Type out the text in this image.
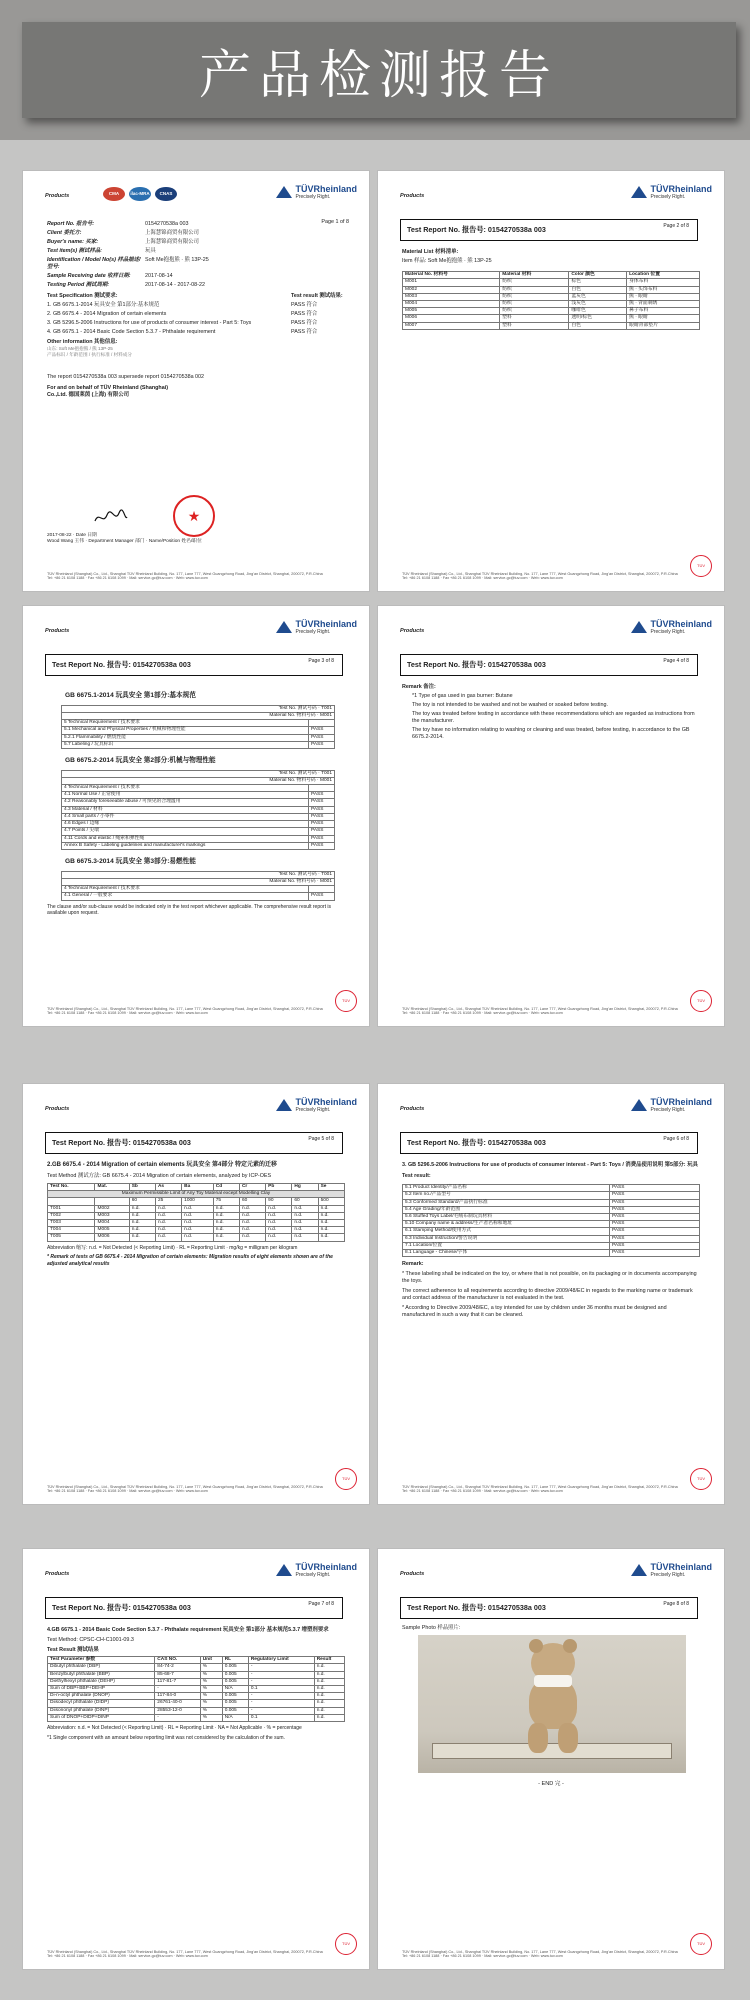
产品检测报告
Products	CMA	ilac-MRA	CNAS	TÜVRheinland
Precisely Right.
Page 1 of 8
Report No. 报告号:	0154270538a 003
Client 委托方:	上海慧锦商贸有限公司
Buyer's name: 买家:	上海慧锦商贸有限公司
Test item(s) 测试样品:	玩具
Identification / Model No(s) 样品描述/型号:
Soft Me抱抱熊 · 熊 13P-25
Sample Receiving date 收样日期:	2017-08-14
Testing Period 测试周期:	2017-08-14 - 2017-08-22
Test Specification 测试要求:	Test result 测试结果:
1. GB 6675.1-2014 玩具安全 第1部分:基本规范	PASS 符合
2. GB 6675.4 - 2014 Migration of certain elements	PASS 符合
3. GB 5296.5-2006 Instructions for use of products of consumer interest - Part 5: Toys	PASS 符合
4. GB 6675.1 - 2014 Basic Code Section 5.3.7 - Phthalate requirement	PASS 符合
Other information 其他信息:
山东: Soft Me抱抱熊 / 熊 13P-25
产品标识 / 年龄范围 / 执行标准 / 材料成分
The report 0154270538a 003 supersede report 0154270538a 002
For and on behalf of TÜV Rheinland (Shanghai) Co.,Ltd. 德国莱茵 (上海) 有限公司
★
2017-08-22 · Date 日期
Wood Wang 王伟 · Department Manager 部门 · Name/Position 姓名/职位
TÜV Rheinland (Shanghai) Co., Ltd., Shanghai TÜV Rheinland Building, No. 177, Lane 777, West Guangzhong Road, Jing'an District, Shanghai, 200072, P.R.China
Tel: +86 21 6108 1188 · Fax +86 21 6108 1099 · Mail: service-gc@tuv.com · Web: www.tuv.com
Products
TÜVRheinland
Precisely Right.
Test Report No. 报告号: 0154270538a 003	Page 2 of 8
Material List 材料清单:
Item 样品: Soft Me抱抱熊 · 熊 13P-25
Material No. 材料号	Material 材料	Color 颜色	Location 位置
M001	纺织	棕色	身体布料
M002	纺织	白色	熊 · 头饰布料
M003	纺织	蓝灰色	熊 · 眼睛
M004	纺织	浅灰色	熊 · 背面刺绣
M005	纺织	咖啡色	鼻子布料
M006	塑料	透明/棕色	熊 · 眼睛
M007	塑料	白色	眼睛背部垫片
TÜV
TÜV Rheinland (Shanghai) Co., Ltd., Shanghai TÜV Rheinland Building, No. 177, Lane 777, West Guangzhong Road, Jing'an District, Shanghai, 200072, P.R.China
Tel: +86 21 6108 1188 · Fax +86 21 6108 1099 · Mail: service-gc@tuv.com · Web: www.tuv.com
Products
TÜVRheinland
Precisely Right.
Test Report No. 报告号: 0154270538a 003	Page 3 of 8
GB 6675.1-2014 玩具安全 第1部分:基本规范
Test No. 测试号码 · T001	
Material No. 物料号码 · M001	
5 Technical Requirement / 技术要求	
5.1 Mechanical and Physical Properties / 机械和物理性能	PASS
5.2.1 Flammability / 燃烧性能	PASS
5.7 Labeling / 玩具标识	PASS
GB 6675.2-2014 玩具安全 第2部分:机械与物理性能
Test No. 测试号码 · T001	
Material No. 物料号码 · M001	
4 Technical Requirement / 技术要求	
4.1 Normal Use / 正常使用	PASS
4.2 Reasonably foreseeable abuse / 可预见的合理滥用	PASS
4.3 Material / 材料	PASS
4.4 Small parts / 小零件	PASS
4.6 Edges / 边缘	PASS
4.7 Points / 尖端	PASS
4.11 Cords and elastic / 绳索和弹性绳	PASS
Annex B Safety - Labeling guidelines and manufacturer's markings	PASS
GB 6675.3-2014 玩具安全 第3部分:易燃性能
Test No. 测试号码 · T001	
Material No. 物料号码 · M001	
4 Technical Requirement / 技术要求	
4.1 General / 一般要求	PASS
The clause and/or sub-clause would be indicated only in the test report whichever applicable. The comprehensive result report is available upon request.
TÜV
TÜV Rheinland (Shanghai) Co., Ltd., Shanghai TÜV Rheinland Building, No. 177, Lane 777, West Guangzhong Road, Jing'an District, Shanghai, 200072, P.R.China
Tel: +86 21 6108 1188 · Fax +86 21 6108 1099 · Mail: service-gc@tuv.com · Web: www.tuv.com
Products
TÜVRheinland
Precisely Right.
Test Report No. 报告号: 0154270538a 003	Page 4 of 8
Remark 备注:
*1 Type of gas used in gas burner: Butane
The toy is not intended to be washed and not be washed or soaked before testing.
The toy was treated before testing in accordance with these recommendations which are regarded as instructions from the manufacturer.
The toy have no information relating to washing or cleaning and was treated, before testing, in accordance to the GB 6675.2-2014.
TÜV
TÜV Rheinland (Shanghai) Co., Ltd., Shanghai TÜV Rheinland Building, No. 177, Lane 777, West Guangzhong Road, Jing'an District, Shanghai, 200072, P.R.China
Tel: +86 21 6108 1188 · Fax +86 21 6108 1099 · Mail: service-gc@tuv.com · Web: www.tuv.com
Products
TÜVRheinland
Precisely Right.
Test Report No. 报告号: 0154270538a 003	Page 5 of 8
2.GB 6675.4 - 2014 Migration of certain elements 玩具安全 第4部分 特定元素的迁移
Test Method 测试方法: GB 6675.4 - 2014 Migration of certain elements, analyzed by ICP-OES
Test No.	Mat.	Sb	As	Ba	Cd	Cr	Pb	Hg	Se
Maximum Permissible Limit of Any Toy Material except Modelling Clay									
		60	25	1000	75	60	90	60	500
T001	M002	n.d.	n.d.	n.d.	n.d.	n.d.	n.d.	n.d.	n.d.
T002	M003	n.d.	n.d.	n.d.	n.d.	n.d.	n.d.	n.d.	n.d.
T003	M004	n.d.	n.d.	n.d.	n.d.	n.d.	n.d.	n.d.	n.d.
T004	M005	n.d.	n.d.	n.d.	n.d.	n.d.	n.d.	n.d.	n.d.
T005	M006	n.d.	n.d.	n.d.	n.d.	n.d.	n.d.	n.d.	n.d.
Abbreviation 缩写: n.d. = Not Detected (< Reporting Limit) · RL = Reporting Limit · mg/kg = milligram per kilogram
* Remark of tests of GB 6675.4 - 2014 Migration of certain elements: Migration results of eight elements shown are of the adjusted analytical results
TÜV
TÜV Rheinland (Shanghai) Co., Ltd., Shanghai TÜV Rheinland Building, No. 177, Lane 777, West Guangzhong Road, Jing'an District, Shanghai, 200072, P.R.China
Tel: +86 21 6108 1188 · Fax +86 21 6108 1099 · Mail: service-gc@tuv.com · Web: www.tuv.com
Products
TÜVRheinland
Precisely Right.
Test Report No. 报告号: 0154270538a 003	Page 6 of 8
3. GB 5296.5-2006 Instructions for use of products of consumer interest - Part 5: Toys / 消费品使用说明 第5部分: 玩具
Test result:
5.1 Product Identity/产品名称	PASS
5.2 Item no./产品型号	PASS
5.3 Conformed Standard/产品执行标准	PASS
5.4 Age Grading/年龄范围	PASS
5.6 Stuffed Toys Label/毛绒布制玩具材料	PASS
5.10 Company name & address/生产者名称和地址	PASS
6.1 Stamping Method/使用方式	PASS
6.3 Individual Instruction/警告说明	PASS
7.1 Location/位置	PASS
8.1 Language - Chinese/字体	PASS
Remark:
* These labeling shall be indicated on the toy, or where that is not possible, on its packaging or in documents accompanying the toys.
The correct adherence to all requirements according to directive 2009/48/EC in regards to the marking name or trademark and contact address of the manufacturer is not evaluated in the test.
* According to Directive 2009/48/EC, a toy intended for use by children under 36 months must be designed and manufactured in such a way that it can be cleaned.
TÜV
TÜV Rheinland (Shanghai) Co., Ltd., Shanghai TÜV Rheinland Building, No. 177, Lane 777, West Guangzhong Road, Jing'an District, Shanghai, 200072, P.R.China
Tel: +86 21 6108 1188 · Fax +86 21 6108 1099 · Mail: service-gc@tuv.com · Web: www.tuv.com
Products
TÜVRheinland
Precisely Right.
Test Report No. 报告号: 0154270538a 003	Page 7 of 8
4.GB 6675.1 - 2014 Basic Code Section 5.3.7 - Phthalate requirement 玩具安全 第1部分 基本规范5.3.7 增塑剂要求
Test Method: CPSC-CH-C1001-09.3
Test Result 测试结果
Test Parameter 参数	CAS NO.	Unit	RL	Regulatory Limit	Result
Dibutyl phthalate (DBP)	84-74-2	%	0.005	-	n.d.
Benzylbutyl phthalate (BBP)	85-68-7	%	0.005	-	n.d.
Diethylhexyl phthalate (DEHP)	117-81-7	%	0.005	-	n.d.
Sum of DBP+BBP+DEHP	-	%	N/A	0.1	n.d.
Di-n-octyl phthalate (DNOP)	117-84-0	%	0.005	-	n.d.
Diisodecyl phthalate (DIDP)	26761-40-0	%	0.005	-	n.d.
Diisononyl phthalate (DINP)	28553-12-0	%	0.005	-	n.d.
Sum of DNOP+DIDP+DINP	-	%	N/A	0.1	n.d.
Abbreviation: n.d. = Not Detected (< Reporting Limit) · RL = Reporting Limit · NA = Not Applicable · % = percentage
*1 Single component with an amount below reporting limit was not considered by the calculation of the sum.
TÜV
TÜV Rheinland (Shanghai) Co., Ltd., Shanghai TÜV Rheinland Building, No. 177, Lane 777, West Guangzhong Road, Jing'an District, Shanghai, 200072, P.R.China
Tel: +86 21 6108 1188 · Fax +86 21 6108 1099 · Mail: service-gc@tuv.com · Web: www.tuv.com
Products
TÜVRheinland
Precisely Right.
Test Report No. 报告号: 0154270538a 003	Page 8 of 8
Sample Photo 样品照片:
- END 完 -
TÜV
TÜV Rheinland (Shanghai) Co., Ltd., Shanghai TÜV Rheinland Building, No. 177, Lane 777, West Guangzhong Road, Jing'an District, Shanghai, 200072, P.R.China
Tel: +86 21 6108 1188 · Fax +86 21 6108 1099 · Mail: service-gc@tuv.com · Web: www.tuv.com
